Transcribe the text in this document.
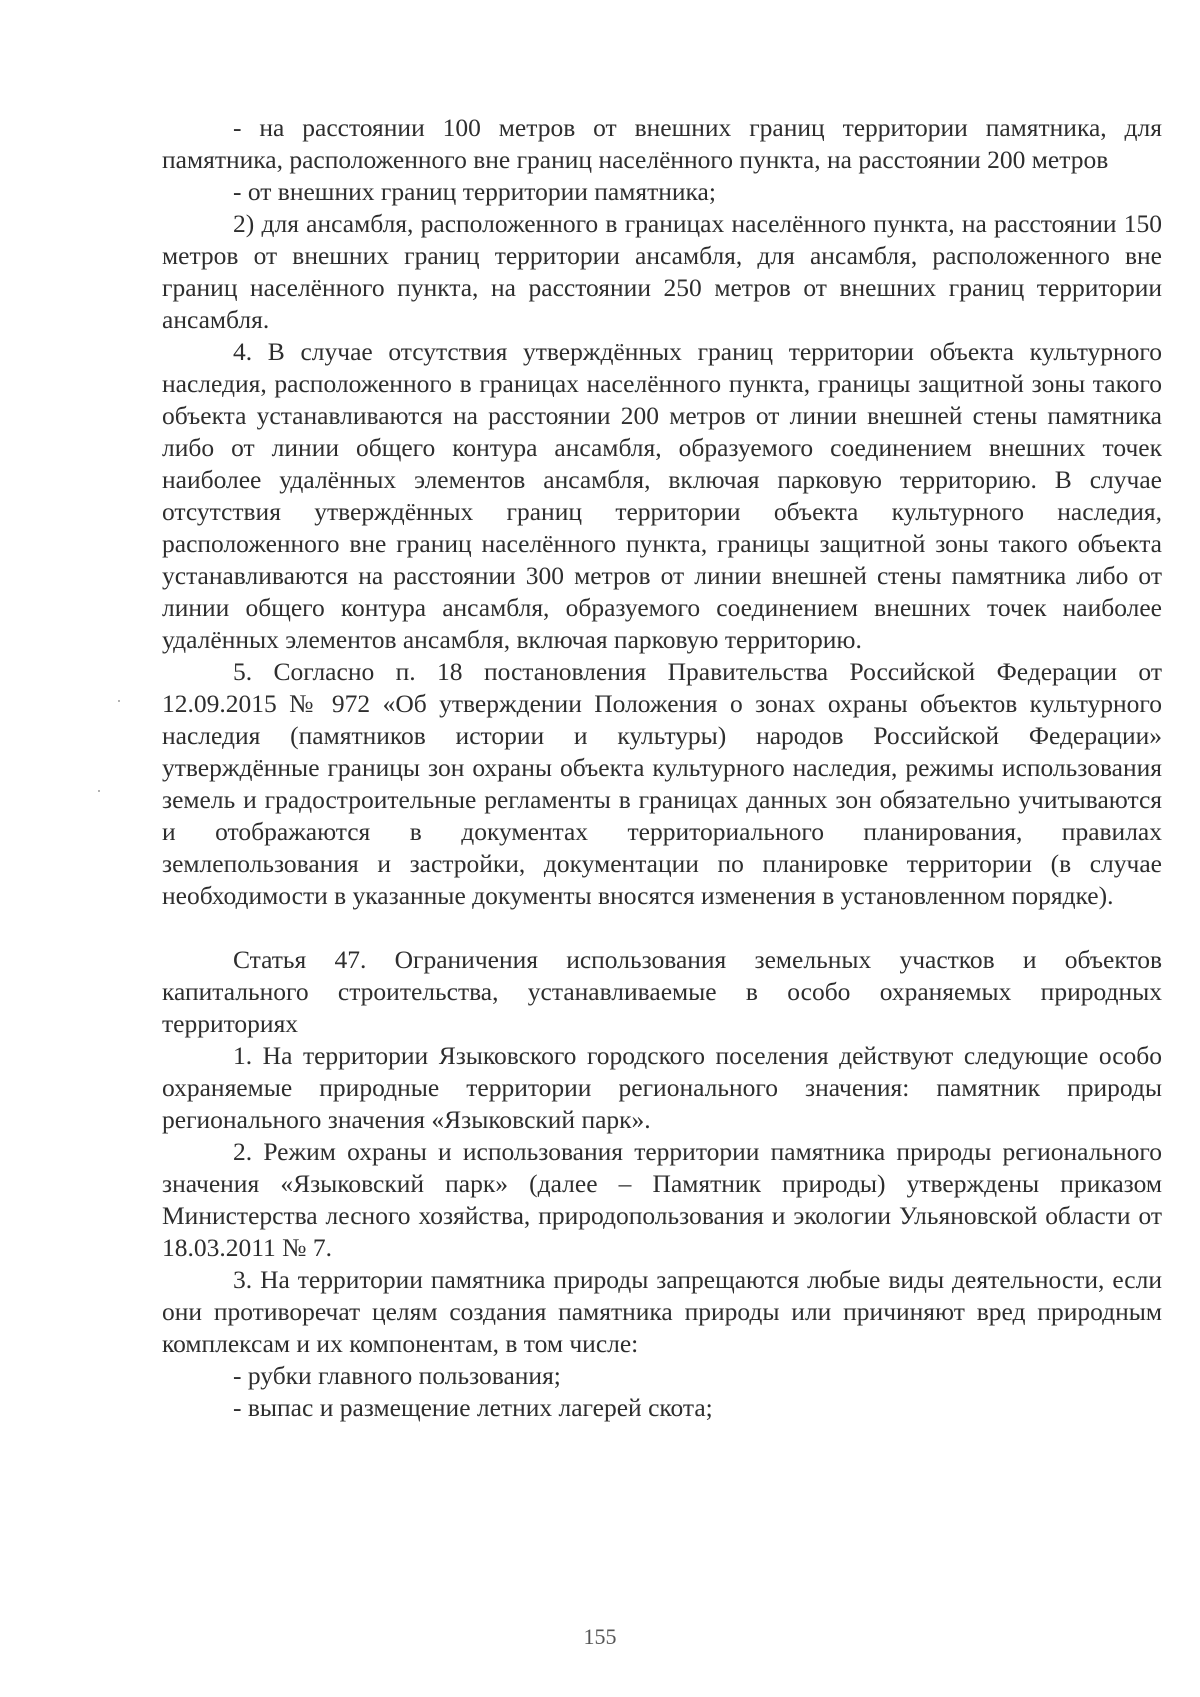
- на расстоянии 100 метров от внешних границ территории памятника, для памятника, расположенного вне границ населённого пункта, на расстоянии 200 метров

- от внешних границ территории памятника;

2) для ансамбля, расположенного в границах населённого пункта, на расстоянии 150 метров от внешних границ территории ансамбля, для ансамбля, расположенного вне границ населённого пункта, на расстоянии 250 метров от внешних границ территории ансамбля.

4. В случае отсутствия утверждённых границ территории объекта культурного наследия, расположенного в границах населённого пункта, границы защитной зоны такого объекта устанавливаются на расстоянии 200 метров от линии внешней стены памятника либо от линии общего контура ансамбля, образуемого соединением внешних точек наиболее удалённых элементов ансамбля, включая парковую территорию. В случае отсутствия утверждённых границ территории объекта культурного наследия, расположенного вне границ населённого пункта, границы защитной зоны такого объекта устанавливаются на расстоянии 300 метров от линии внешней стены памятника либо от линии общего контура ансамбля, образуемого соединением внешних точек наиболее удалённых элементов ансамбля, включая парковую территорию.

5. Согласно п. 18 постановления Правительства Российской Федерации от 12.09.2015 № 972 «Об утверждении Положения о зонах охраны объектов культурного наследия (памятников истории и культуры) народов Российской Федерации» утверждённые границы зон охраны объекта культурного наследия, режимы использования земель и градостроительные регламенты в границах данных зон обязательно учитываются и отображаются в документах территориального планирования, правилах землепользования и застройки, документации по планировке территории (в случае необходимости в указанные документы вносятся изменения в установленном порядке).

Статья 47. Ограничения использования земельных участков и объектов капитального строительства, устанавливаемые в особо охраняемых природных территориях

1. На территории Языковского городского поселения действуют следующие особо охраняемые природные территории регионального значения: памятник природы регионального значения «Языковский парк».

2. Режим охраны и использования территории памятника природы регионального значения «Языковский парк» (далее – Памятник природы) утверждены приказом Министерства лесного хозяйства, природопользования и экологии Ульяновской области от 18.03.2011 № 7.

3. На территории памятника природы запрещаются любые виды деятельности, если они противоречат целям создания памятника природы или причиняют вред природным комплексам и их компонентам, в том числе:

- рубки главного пользования;

- выпас и размещение летних лагерей скота;

155
